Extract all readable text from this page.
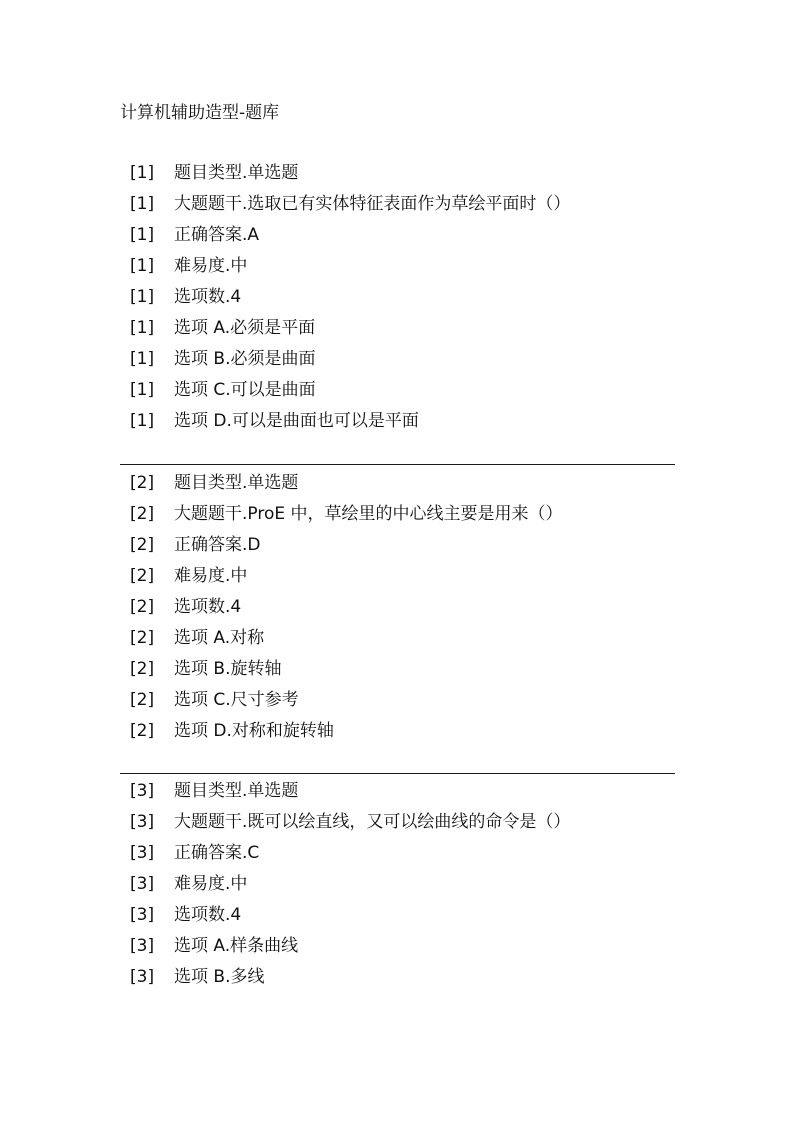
计算机辅助造型-题库
[1] 题目类型.单选题
[1] 大题题干.选取已有实体特征表面作为草绘平面时（）
[1] 正确答案.A
[1] 难易度.中
[1] 选项数.4
[1] 选项 A.必须是平面
[1] 选项 B.必须是曲面
[1] 选项 C.可以是曲面
[1] 选项 D.可以是曲面也可以是平面
[2] 题目类型.单选题
[2] 大题题干.ProE 中，草绘里的中心线主要是用来（）
[2] 正确答案.D
[2] 难易度.中
[2] 选项数.4
[2] 选项 A.对称
[2] 选项 B.旋转轴
[2] 选项 C.尺寸参考
[2] 选项 D.对称和旋转轴
[3] 题目类型.单选题
[3] 大题题干.既可以绘直线，又可以绘曲线的命令是（）
[3] 正确答案.C
[3] 难易度.中
[3] 选项数.4
[3] 选项 A.样条曲线
[3] 选项 B.多线
